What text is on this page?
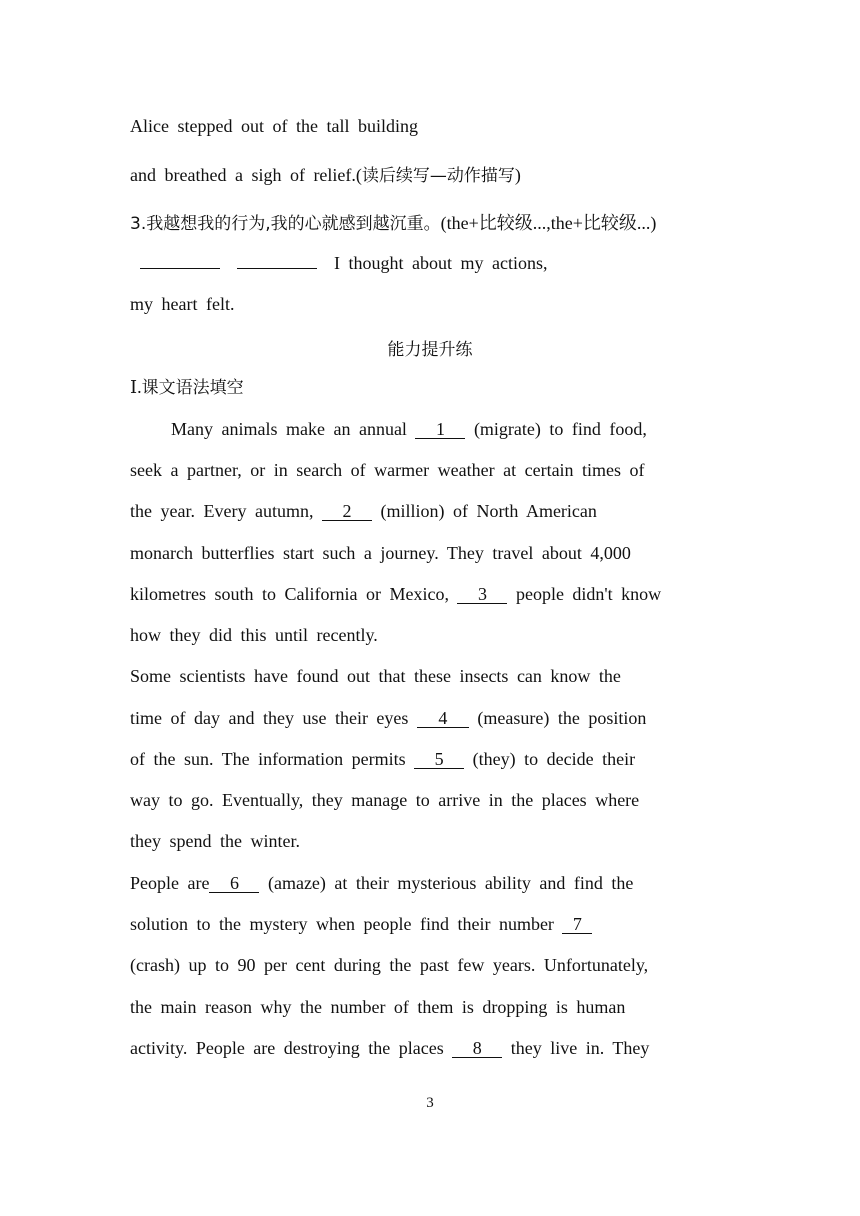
Alice stepped out of the tall building
and breathed a sigh of relief.(读后续写—动作描写)
3.我越想我的行为,我的心就感到越沉重。(the+比较级...,the+比较级...)
I thought about my actions,
my heart felt.
能力提升练
Ⅰ.课文语法填空
Many animals make an annual 1 (migrate) to find food,
seek a partner, or in search of warmer weather at certain times of
the year. Every autumn, 2 (million) of North American
monarch butterflies start such a journey. They travel about 4,000
kilometres south to California or Mexico, 3 people didn't know
how they did this until recently.
Some scientists have found out that these insects can know the
time of day and they use their eyes 4 (measure) the position
of the sun. The information permits 5 (they) to decide their
way to go. Eventually, they manage to arrive in the places where
they spend the winter.
People are 6 (amaze) at their mysterious ability and find the
solution to the mystery when people find their number 7
(crash) up to 90 per cent during the past few years. Unfortunately,
the main reason why the number of them is dropping is human
activity. People are destroying the places 8 they live in. They
3
